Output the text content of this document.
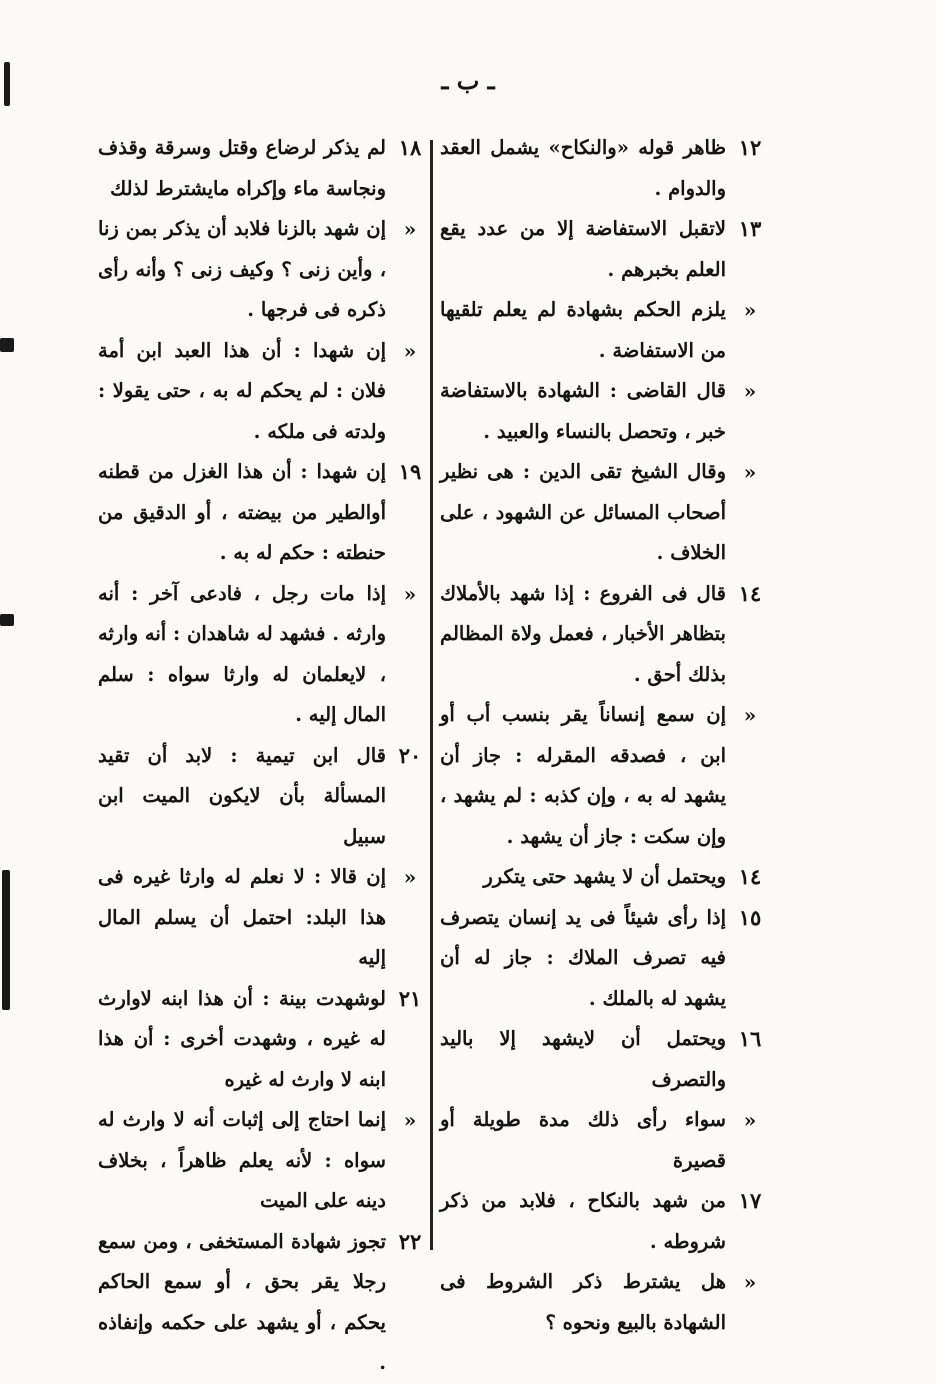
ـ ب ـ
١٢
ظاهر قوله «والنكاح» يشمل العقد والدوام .
١٣
لاتقبل الاستفاضة إلا من عدد يقع العلم بخبرهم .
«
يلزم الحكم بشهادة لم يعلم تلقيها من الاستفاضة .
«
قال القاضى : الشهادة بالاستفاضة خبر ، وتحصل بالنساء والعبيد .
«
وقال الشيخ تقى الدين : هى نظير أصحاب المسائل عن الشهود ، على الخلاف .
١٤
قال فى الفروع : إذا شهد بالأملاك بتظاهر الأخبار ، فعمل ولاة المظالم بذلك أحق .
«
إن سمع إنساناً يقر بنسب أب أو ابن ، فصدقه المقرله : جاز أن يشهد له به ، وإن كذبه : لم يشهد ، وإن سكت : جاز أن يشهد .
١٤
ويحتمل أن لا يشهد حتى يتكرر
١٥
إذا رأى شيئاً فى يد إنسان يتصرف فيه تصرف الملاك : جاز له أن يشهد له بالملك .
١٦
ويحتمل أن لايشهد إلا باليد والتصرف
«
سواء رأى ذلك مدة طويلة أو قصيرة
١٧
من شهد بالنكاح ، فلابد من ذكر شروطه .
«
هل يشترط ذكر الشروط فى الشهادة بالبيع ونحوه ؟
١٨
لم يذكر لرضاع وقتل وسرقة وقذف ونجاسة ماء وإكراه مايشترط لذلك
«
إن شهد بالزنا فلابد أن يذكر بمن زنا ، وأين زنى ؟ وكيف زنى ؟ وأنه رأى ذكره فى فرجها .
«
إن شهدا : أن هذا العبد ابن أمة فلان : لم يحكم له به ، حتى يقولا : ولدته فى ملكه .
١٩
إن شهدا : أن هذا الغزل من قطنه أوالطير من بيضته ، أو الدقيق من حنطته : حكم له به .
«
إذا مات رجل ، فادعى آخر : أنه وارثه . فشهد له شاهدان : أنه وارثه ، لايعلمان له وارثا سواه : سلم المال إليه .
٢٠
قال ابن تيمية : لابد أن تقيد المسألة بأن لايكون الميت ابن سبيل
«
إن قالا : لا نعلم له وارثا غيره فى هذا البلد: احتمل أن يسلم المال إليه
٢١
لوشهدت بينة : أن هذا ابنه لاوارث له غيره ، وشهدت أخرى : أن هذا ابنه لا وارث له غيره
«
إنما احتاج إلى إثبات أنه لا وارث له سواه : لأنه يعلم ظاهراً ، بخلاف دينه على الميت
٢٢
تجوز شهادة المستخفى ، ومن سمع رجلا يقر بحق ، أو سمع الحاكم يحكم ، أو يشهد على حكمه وإنفاذه .
